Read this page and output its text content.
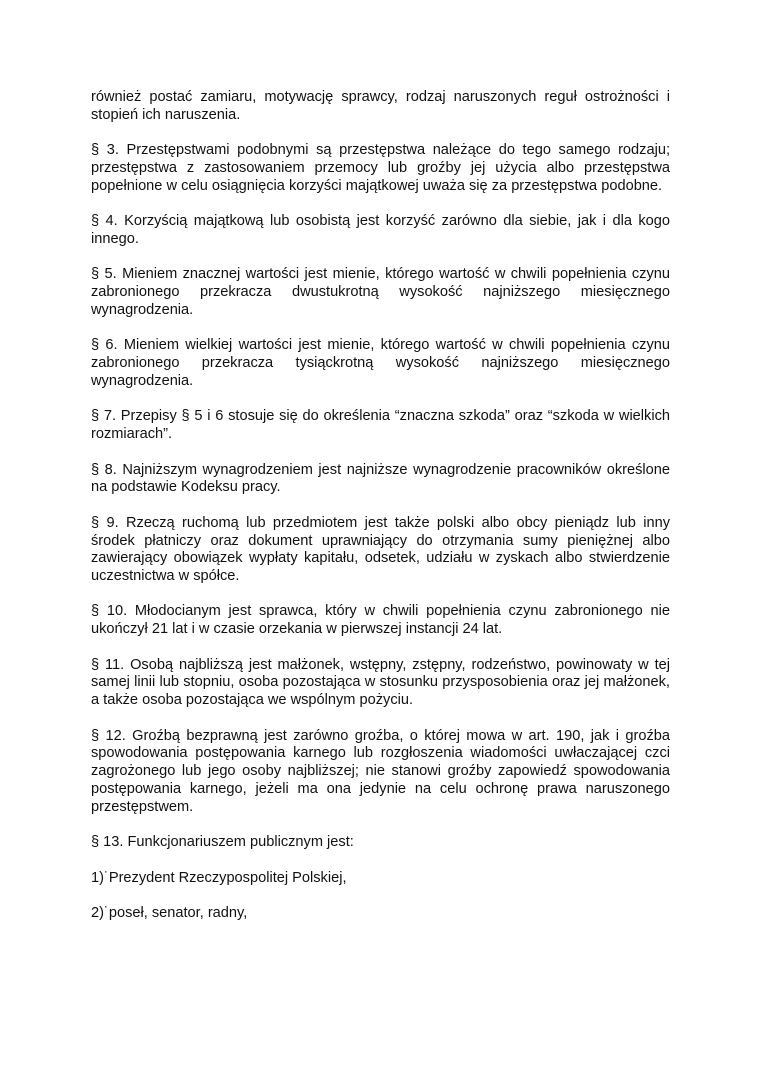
również postać zamiaru, motywację sprawcy, rodzaj naruszonych reguł ostrożności i stopień ich naruszenia.

§ 3. Przestępstwami podobnymi są przestępstwa należące do tego samego rodzaju; przestępstwa z zastosowaniem przemocy lub groźby jej użycia albo przestępstwa popełnione w celu osiągnięcia korzyści majątkowej uważa się za przestępstwa podobne.

§ 4. Korzyścią majątkową lub osobistą jest korzyść zarówno dla siebie, jak i dla kogo innego.

§ 5. Mieniem znacznej wartości jest mienie, którego wartość w chwili popełnienia czynu zabronionego przekracza dwustukrotną wysokość najniższego miesięcznego wynagrodzenia.

§ 6. Mieniem wielkiej wartości jest mienie, którego wartość w chwili popełnienia czynu zabronionego przekracza tysiąckrotną wysokość najniższego miesięcznego wynagrodzenia.

§ 7. Przepisy § 5 i 6 stosuje się do określenia “znaczna szkoda” oraz “szkoda w wielkich rozmiarach”.

§ 8. Najniższym wynagrodzeniem jest najniższe wynagrodzenie pracowników określone na podstawie Kodeksu pracy.

§ 9. Rzeczą ruchomą lub przedmiotem jest także polski albo obcy pieniądz lub inny środek płatniczy oraz dokument uprawniający do otrzymania sumy pieniężnej albo zawierający obowiązek wypłaty kapitału, odsetek, udziału w zyskach albo stwierdzenie uczestnictwa w spółce.

§ 10. Młodocianym jest sprawca, który w chwili popełnienia czynu zabronionego nie ukończył 21 lat i w czasie orzekania w pierwszej instancji 24 lat.

§ 11. Osobą najbliższą jest małżonek, wstępny, zstępny, rodzeństwo, powinowaty w tej samej linii lub stopniu, osoba pozostająca w stosunku przysposobienia oraz jej małżonek, a także osoba pozostająca we wspólnym pożyciu.

§ 12. Groźbą bezprawną jest zarówno groźba, o której mowa w art. 190, jak i groźba spowodowania postępowania karnego lub rozgłoszenia wiadomości uwłaczającej czci zagrożonego lub jego osoby najbliższej; nie stanowi groźby zapowiedź spowodowania postępowania karnego, jeżeli ma ona jedynie na celu ochronę prawa naruszonego przestępstwem.

§ 13. Funkcjonariuszem publicznym jest:

1)˙Prezydent Rzeczypospolitej Polskiej,

2)˙poseł, senator, radny,
